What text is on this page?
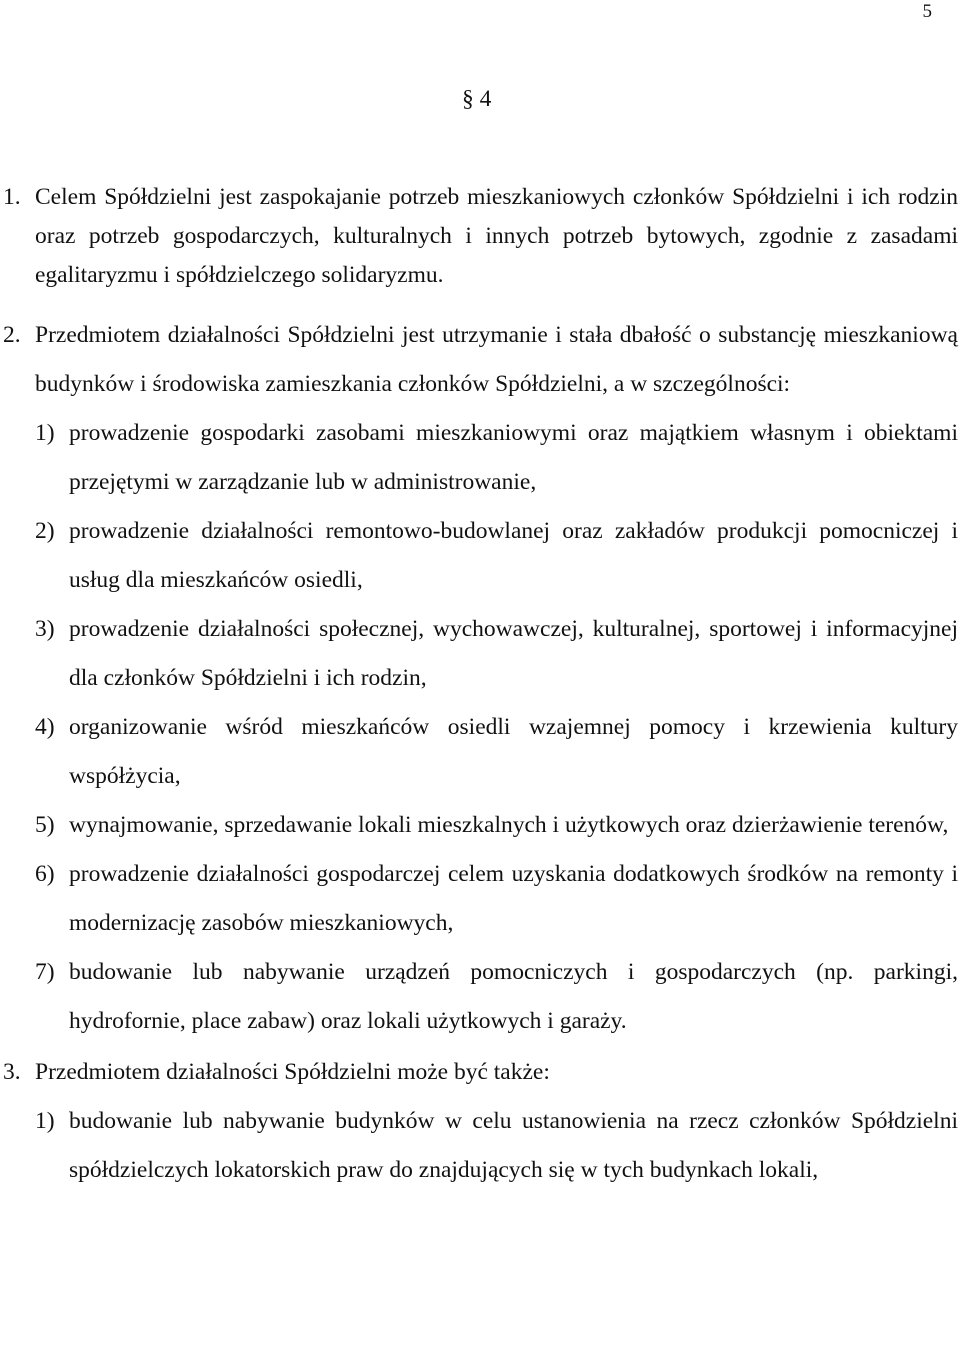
5
§ 4
1. Celem Spółdzielni jest zaspokajanie potrzeb mieszkaniowych członków Spółdzielni i ich rodzin oraz potrzeb gospodarczych, kulturalnych i innych potrzeb bytowych, zgodnie z zasadami egalitaryzmu i spółdzielczego solidaryzmu.
2. Przedmiotem działalności Spółdzielni jest utrzymanie i stała dbałość o substancję mieszkaniową budynków i środowiska zamieszkania członków Spółdzielni, a w szczególności:
1) prowadzenie gospodarki zasobami mieszkaniowymi oraz majątkiem własnym i obiektami przejętymi w zarządzanie lub w administrowanie,
2) prowadzenie działalności remontowo-budowlanej oraz zakładów produkcji pomocniczej i usług dla mieszkańców osiedli,
3) prowadzenie działalności społecznej, wychowawczej, kulturalnej, sportowej i informacyjnej dla członków Spółdzielni i ich rodzin,
4) organizowanie wśród mieszkańców osiedli wzajemnej pomocy i krzewienia kultury współżycia,
5) wynajmowanie, sprzedawanie lokali mieszkalnych i użytkowych oraz dzierżawienie terenów,
6) prowadzenie działalności gospodarczej celem uzyskania dodatkowych środków na remonty i modernizację zasobów mieszkaniowych,
7) budowanie lub nabywanie urządzeń pomocniczych i gospodarczych (np. parkingi, hydrofornie, place zabaw) oraz lokali użytkowych i garaży.
3. Przedmiotem działalności Spółdzielni może być także:
1) budowanie lub nabywanie budynków w celu ustanowienia na rzecz członków Spółdzielni spółdzielczych lokatorskich praw do znajdujących się w tych budynkach lokali,
